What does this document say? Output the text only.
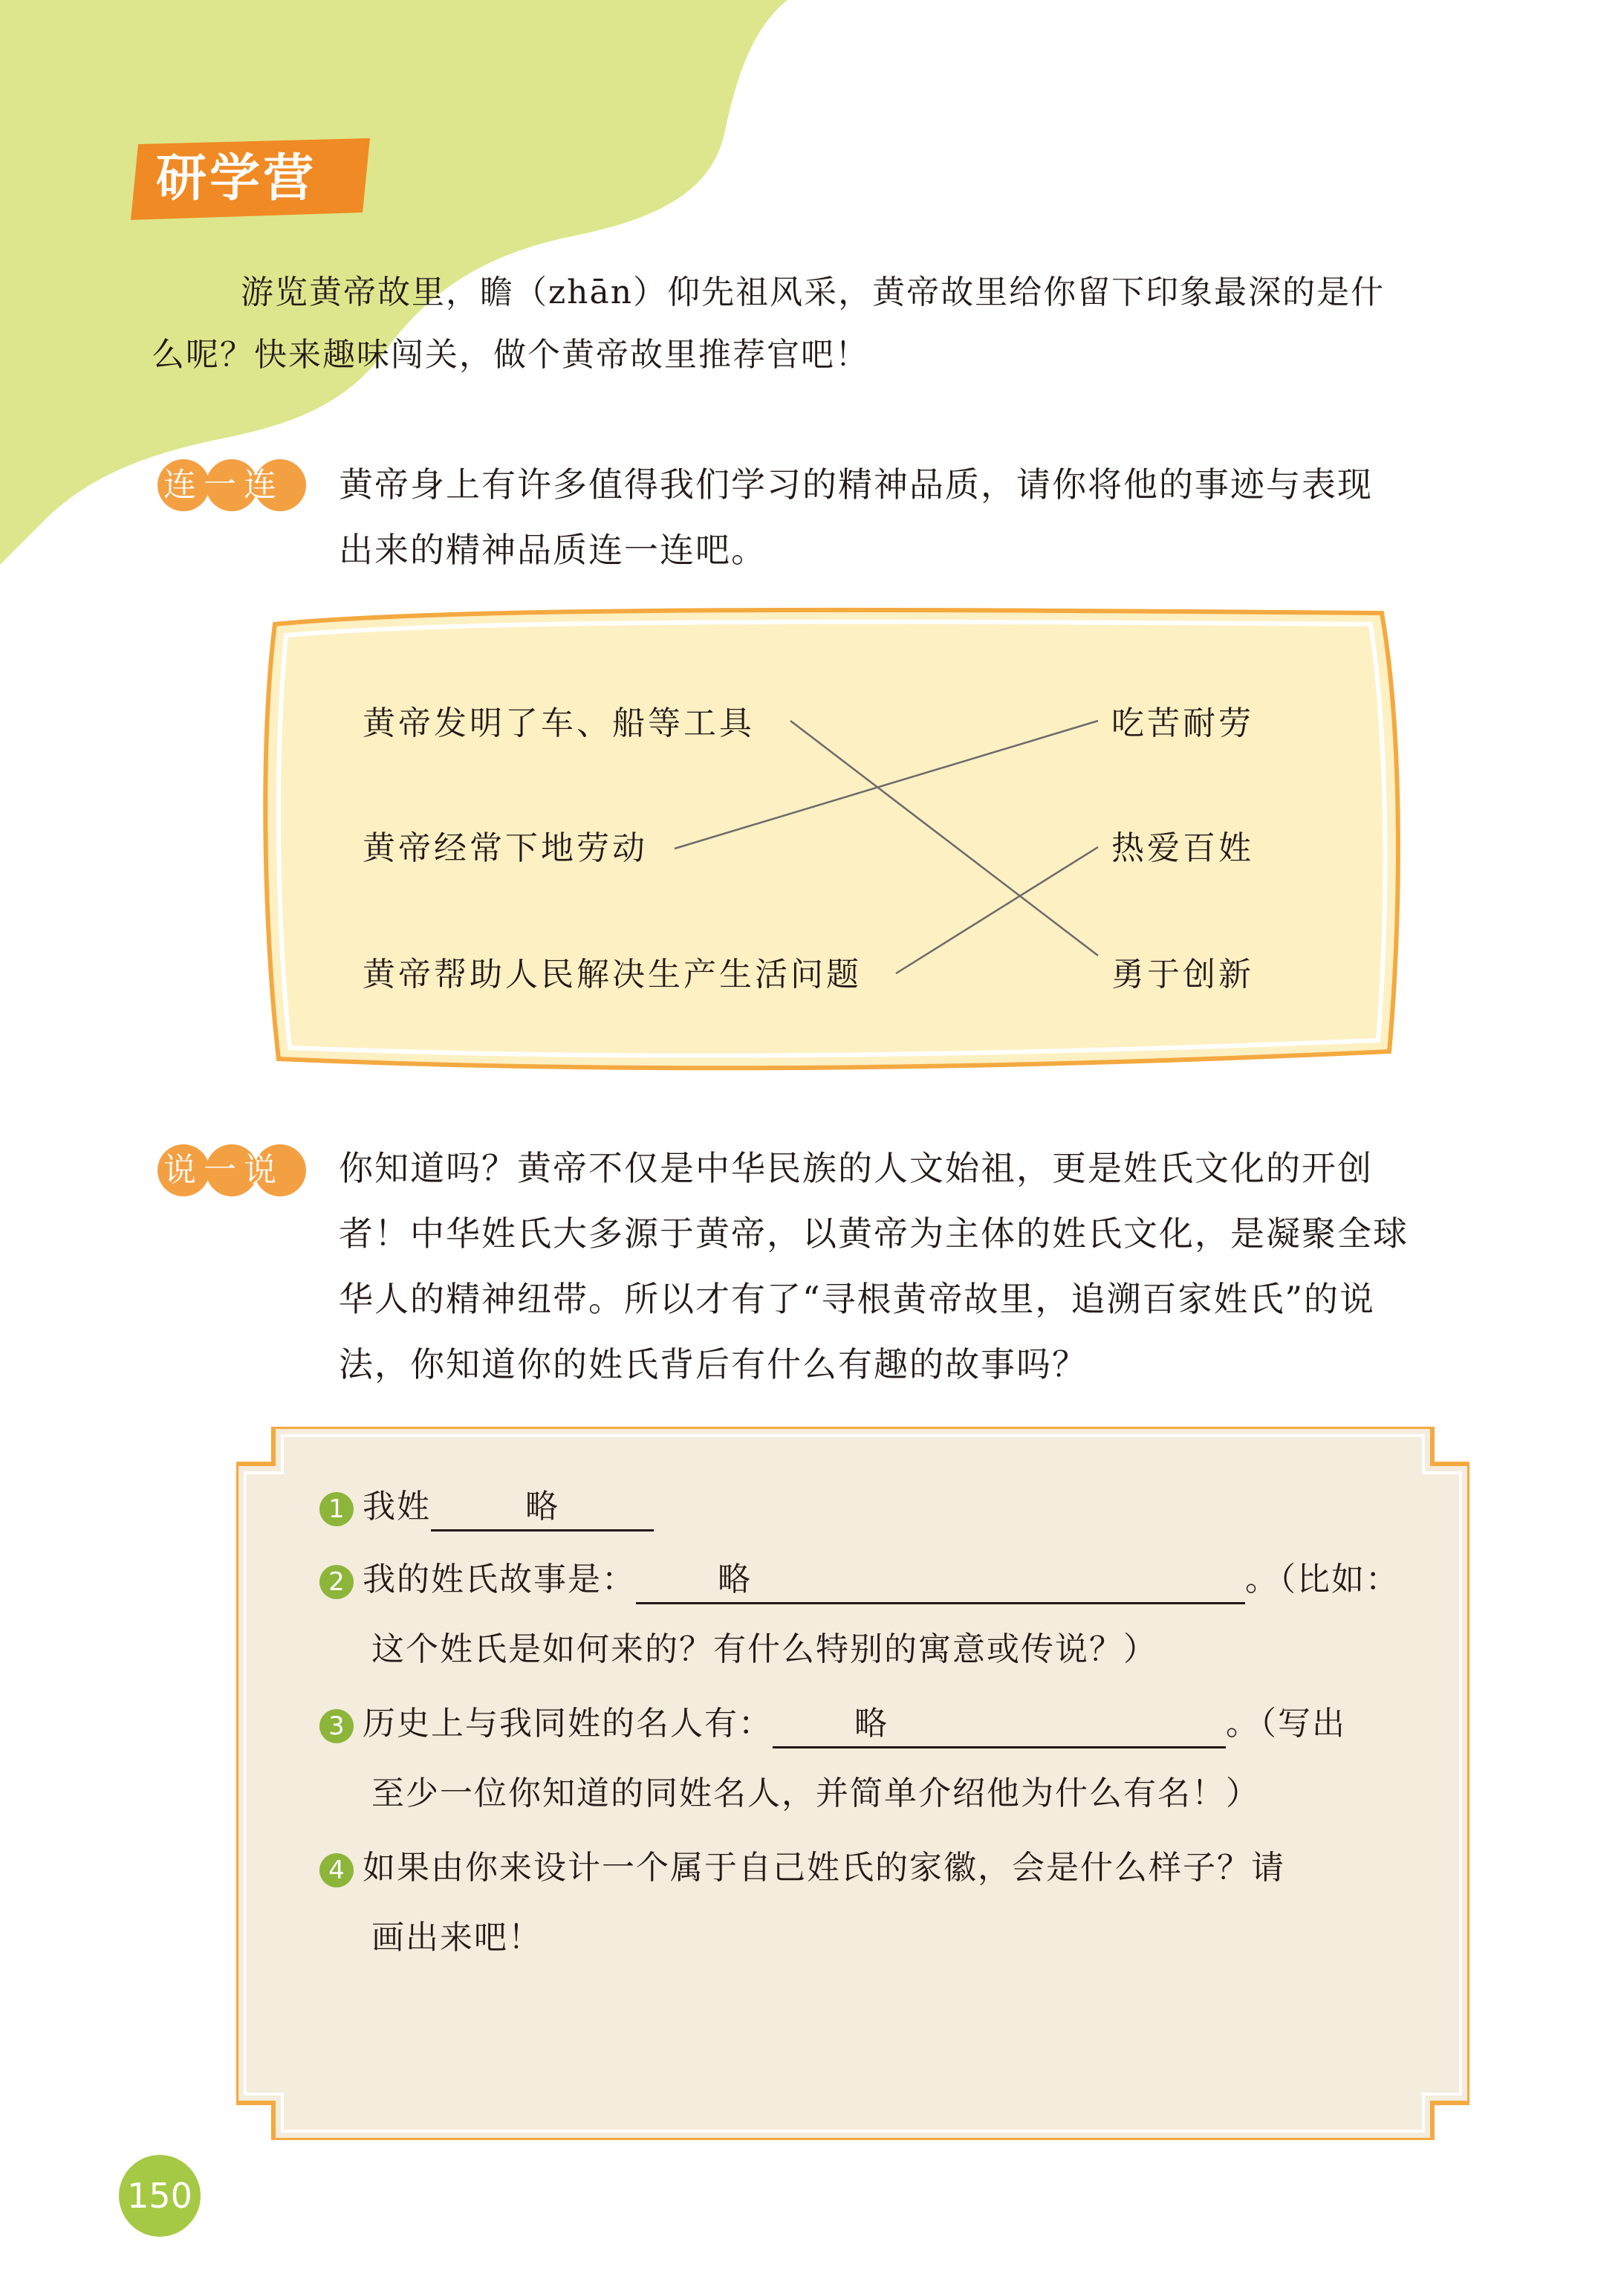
研学营
游览黄帝故里，瞻（zhān）仰先祖风采，黄帝故里给你留下印象最深的是什
么呢？快来趣味闯关，做个黄帝故里推荐官吧！
连一连 黄帝身上有许多值得我们学习的精神品质，请你将他的事迹与表现
出来的精神品质连一连吧。
黄帝发明了车、船等工具
黄帝经常下地劳动
黄帝帮助人民解决生产生活问题
吃苦耐劳
热爱百姓
勇于创新
说一说 你知道吗？黄帝不仅是中华民族的人文始祖，更是姓氏文化的开创
者！中华姓氏大多源于黄帝，以黄帝为主体的姓氏文化，是凝聚全球
华人的精神纽带。所以才有了“寻根黄帝故里，追溯百家姓氏”的说
法，你知道你的姓氏背后有什么有趣的故事吗？
1 我姓	略
2 我的姓氏故事是：	略	。（比如：
这个姓氏是如何来的？有什么特别的寓意或传说？）
3 历史上与我同姓的名人有：	略	。（写出
至少一位你知道的同姓名人，并简单介绍他为什么有名！）
4 如果由你来设计一个属于自己姓氏的家徽，会是什么样子？请
画出来吧！
150
